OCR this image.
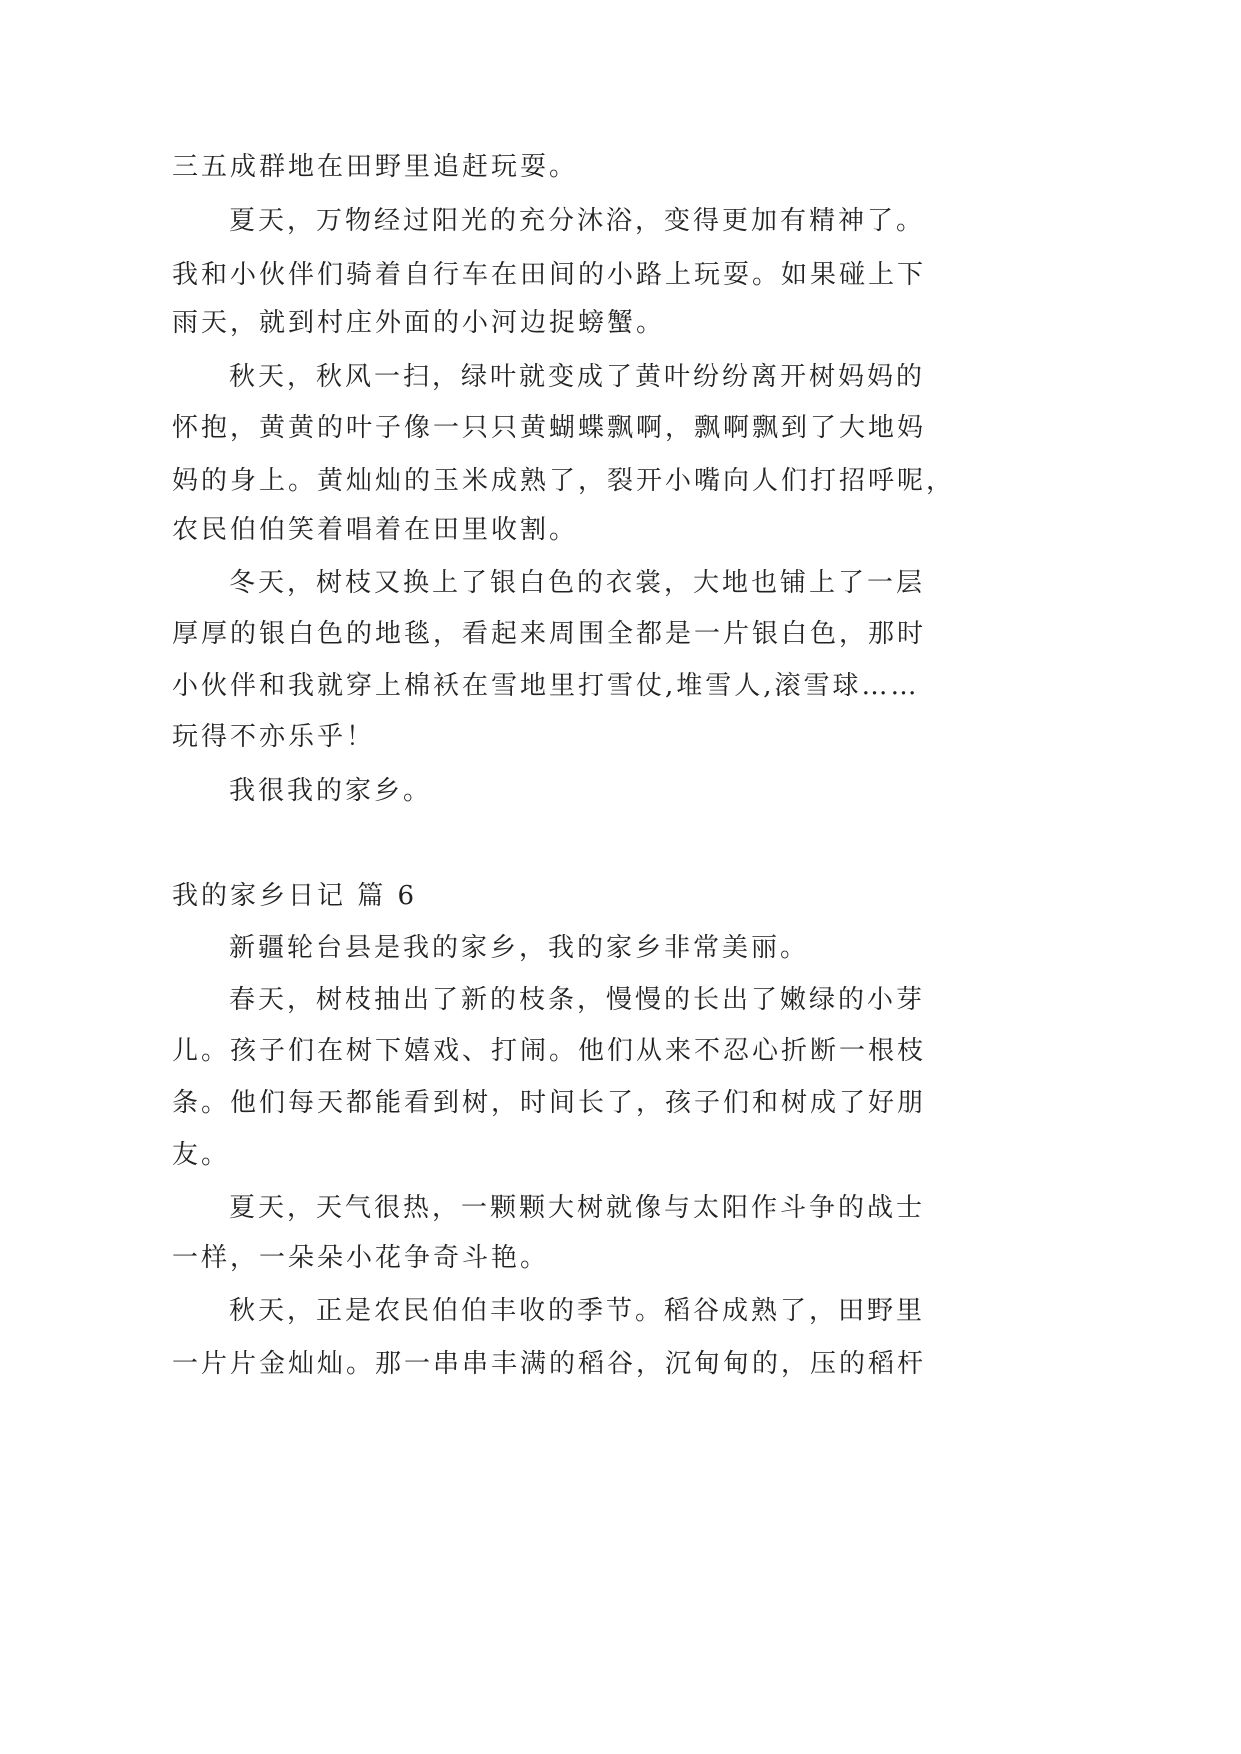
三五成群地在田野里追赶玩耍。
夏天，万物经过阳光的充分沐浴，变得更加有精神了。
我和小伙伴们骑着自行车在田间的小路上玩耍。如果碰上下
雨天，就到村庄外面的小河边捉螃蟹。
秋天，秋风一扫，绿叶就变成了黄叶纷纷离开树妈妈的
怀抱，黄黄的叶子像一只只黄蝴蝶飘啊，飘啊飘到了大地妈
妈的身上。黄灿灿的玉米成熟了，裂开小嘴向人们打招呼呢，
农民伯伯笑着唱着在田里收割。
冬天，树枝又换上了银白色的衣裳，大地也铺上了一层
厚厚的银白色的地毯，看起来周围全都是一片银白色，那时
小伙伴和我就穿上棉袄在雪地里打雪仗,堆雪人,滚雪球……
玩得不亦乐乎！
我很我的家乡。
我的家乡日记 篇 6
新疆轮台县是我的家乡，我的家乡非常美丽。
春天，树枝抽出了新的枝条，慢慢的长出了嫩绿的小芽
儿。孩子们在树下嬉戏、打闹。他们从来不忍心折断一根枝
条。他们每天都能看到树，时间长了，孩子们和树成了好朋
友。
夏天，天气很热，一颗颗大树就像与太阳作斗争的战士
一样，一朵朵小花争奇斗艳。
秋天，正是农民伯伯丰收的季节。稻谷成熟了，田野里
一片片金灿灿。那一串串丰满的稻谷，沉甸甸的，压的稻杆
